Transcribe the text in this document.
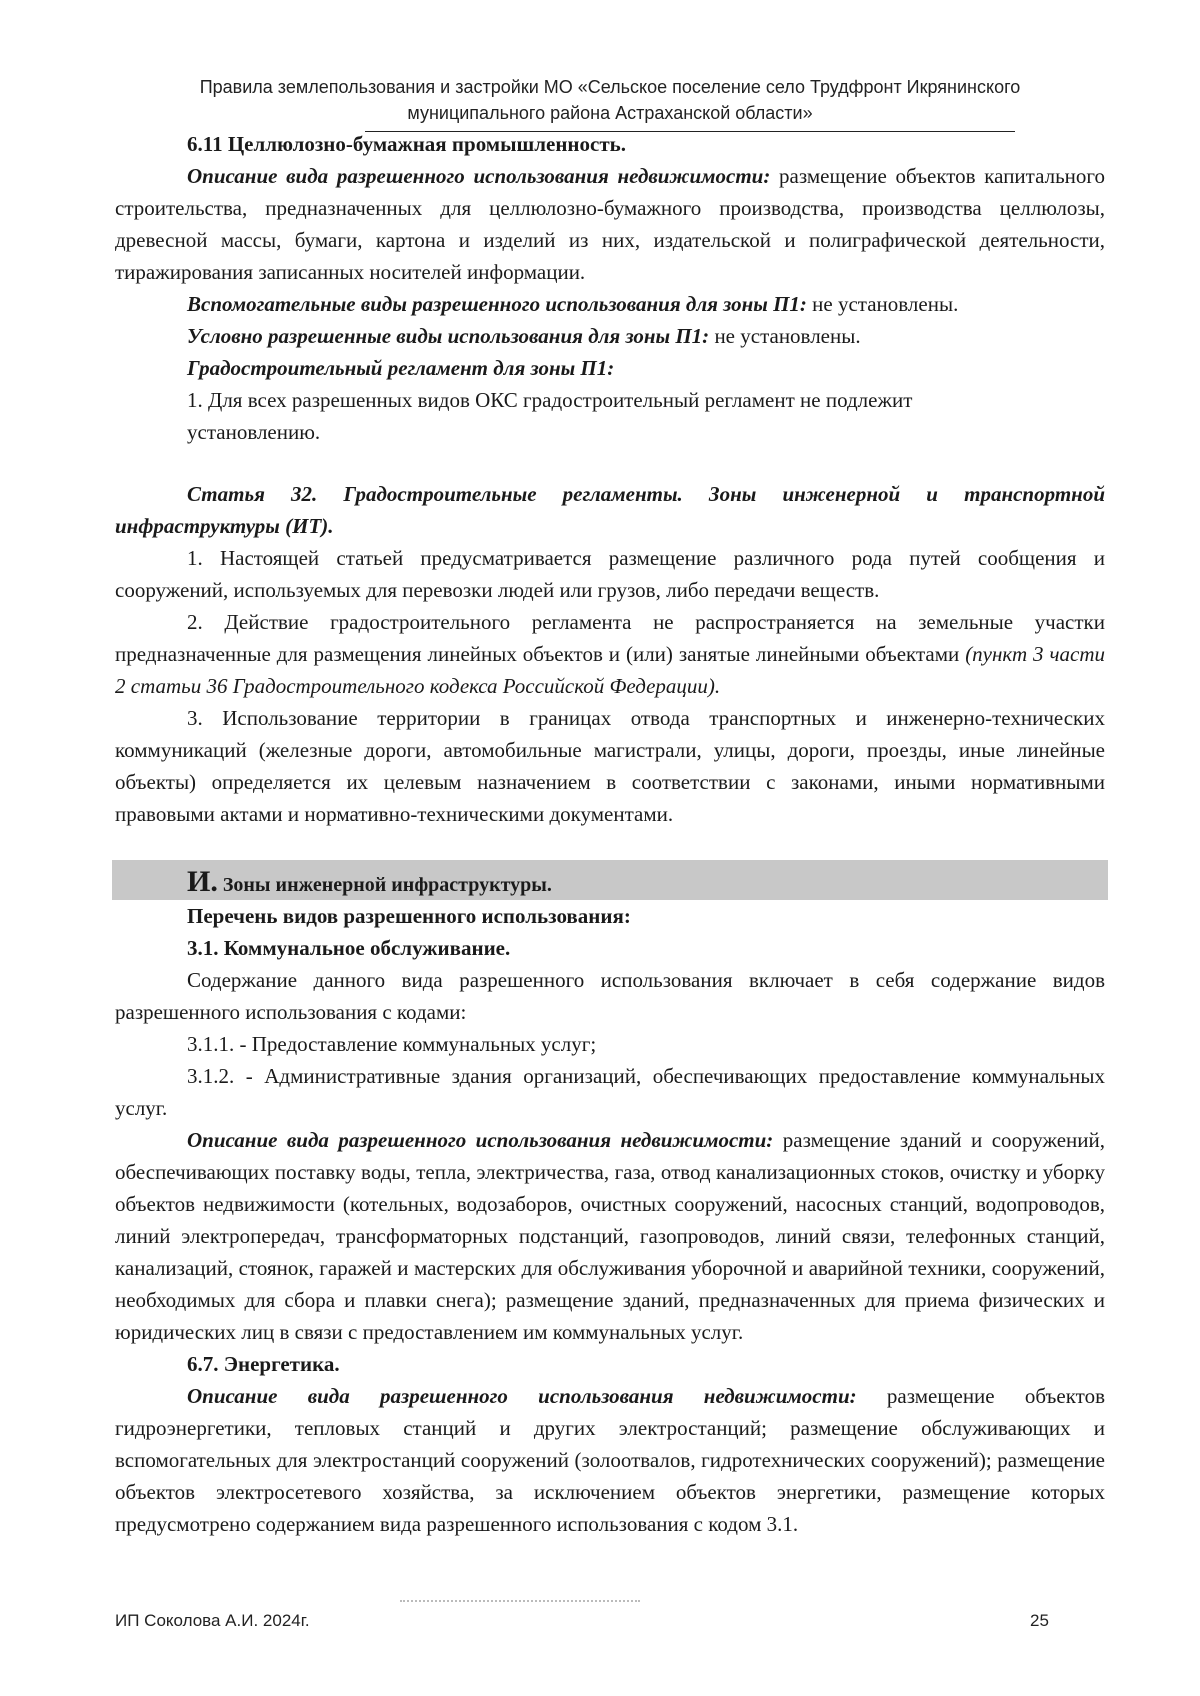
Правила землепользования и застройки МО «Сельское поселение село Трудфронт Икрянинского
муниципального района Астраханской области»

6.11 Целлюлозно-бумажная промышленность.

Описание вида разрешенного использования недвижимости: размещение объектов капитального строительства, предназначенных для целлюлозно-бумажного производства, производства целлюлозы, древесной массы, бумаги, картона и изделий из них, издательской и полиграфической деятельности, тиражирования записанных носителей информации.

Вспомогательные виды разрешенного использования для зоны П1: не установлены.

Условно разрешенные виды использования для зоны П1: не установлены.

Градостроительный регламент для зоны П1:

1. Для всех разрешенных видов ОКС градостроительный регламент не подлежит установлению.

Статья 32. Градостроительные регламенты. Зоны инженерной и транспортной инфраструктуры (ИТ).

1. Настоящей статьей предусматривается размещение различного рода путей сообщения и сооружений, используемых для перевозки людей или грузов, либо передачи веществ.

2. Действие градостроительного регламента не распространяется на земельные участки предназначенные для размещения линейных объектов и (или) занятые линейными объектами (пункт 3 части 2 статьи 36 Градостроительного кодекса Российской Федерации).

3. Использование территории в границах отвода транспортных и инженерно-технических коммуникаций (железные дороги, автомобильные магистрали, улицы, дороги, проезды, иные линейные объекты) определяется их целевым назначением в соответствии с законами, иными нормативными правовыми актами и нормативно-техническими документами.

И. Зоны инженерной инфраструктуры.

Перечень видов разрешенного использования:

3.1. Коммунальное обслуживание.

Содержание данного вида разрешенного использования включает в себя содержание видов разрешенного использования с кодами:

3.1.1. - Предоставление коммунальных услуг;

3.1.2. - Административные здания организаций, обеспечивающих предоставление коммунальных услуг.

Описание вида разрешенного использования недвижимости: размещение зданий и сооружений, обеспечивающих поставку воды, тепла, электричества, газа, отвод канализационных стоков, очистку и уборку объектов недвижимости (котельных, водозаборов, очистных сооружений, насосных станций, водопроводов, линий электропередач, трансформаторных подстанций, газопроводов, линий связи, телефонных станций, канализаций, стоянок, гаражей и мастерских для обслуживания уборочной и аварийной техники, сооружений, необходимых для сбора и плавки снега); размещение зданий, предназначенных для приема физических и юридических лиц в связи с предоставлением им коммунальных услуг.

6.7. Энергетика.

Описание вида разрешенного использования недвижимости: размещение объектов гидроэнергетики, тепловых станций и других электростанций; размещение обслуживающих и вспомогательных для электростанций сооружений (золоотвалов, гидротехнических сооружений); размещение объектов электросетевого хозяйства, за исключением объектов энергетики, размещение которых предусмотрено содержанием вида разрешенного использования с кодом 3.1.

ИП Соколова А.И. 2024г.	25
